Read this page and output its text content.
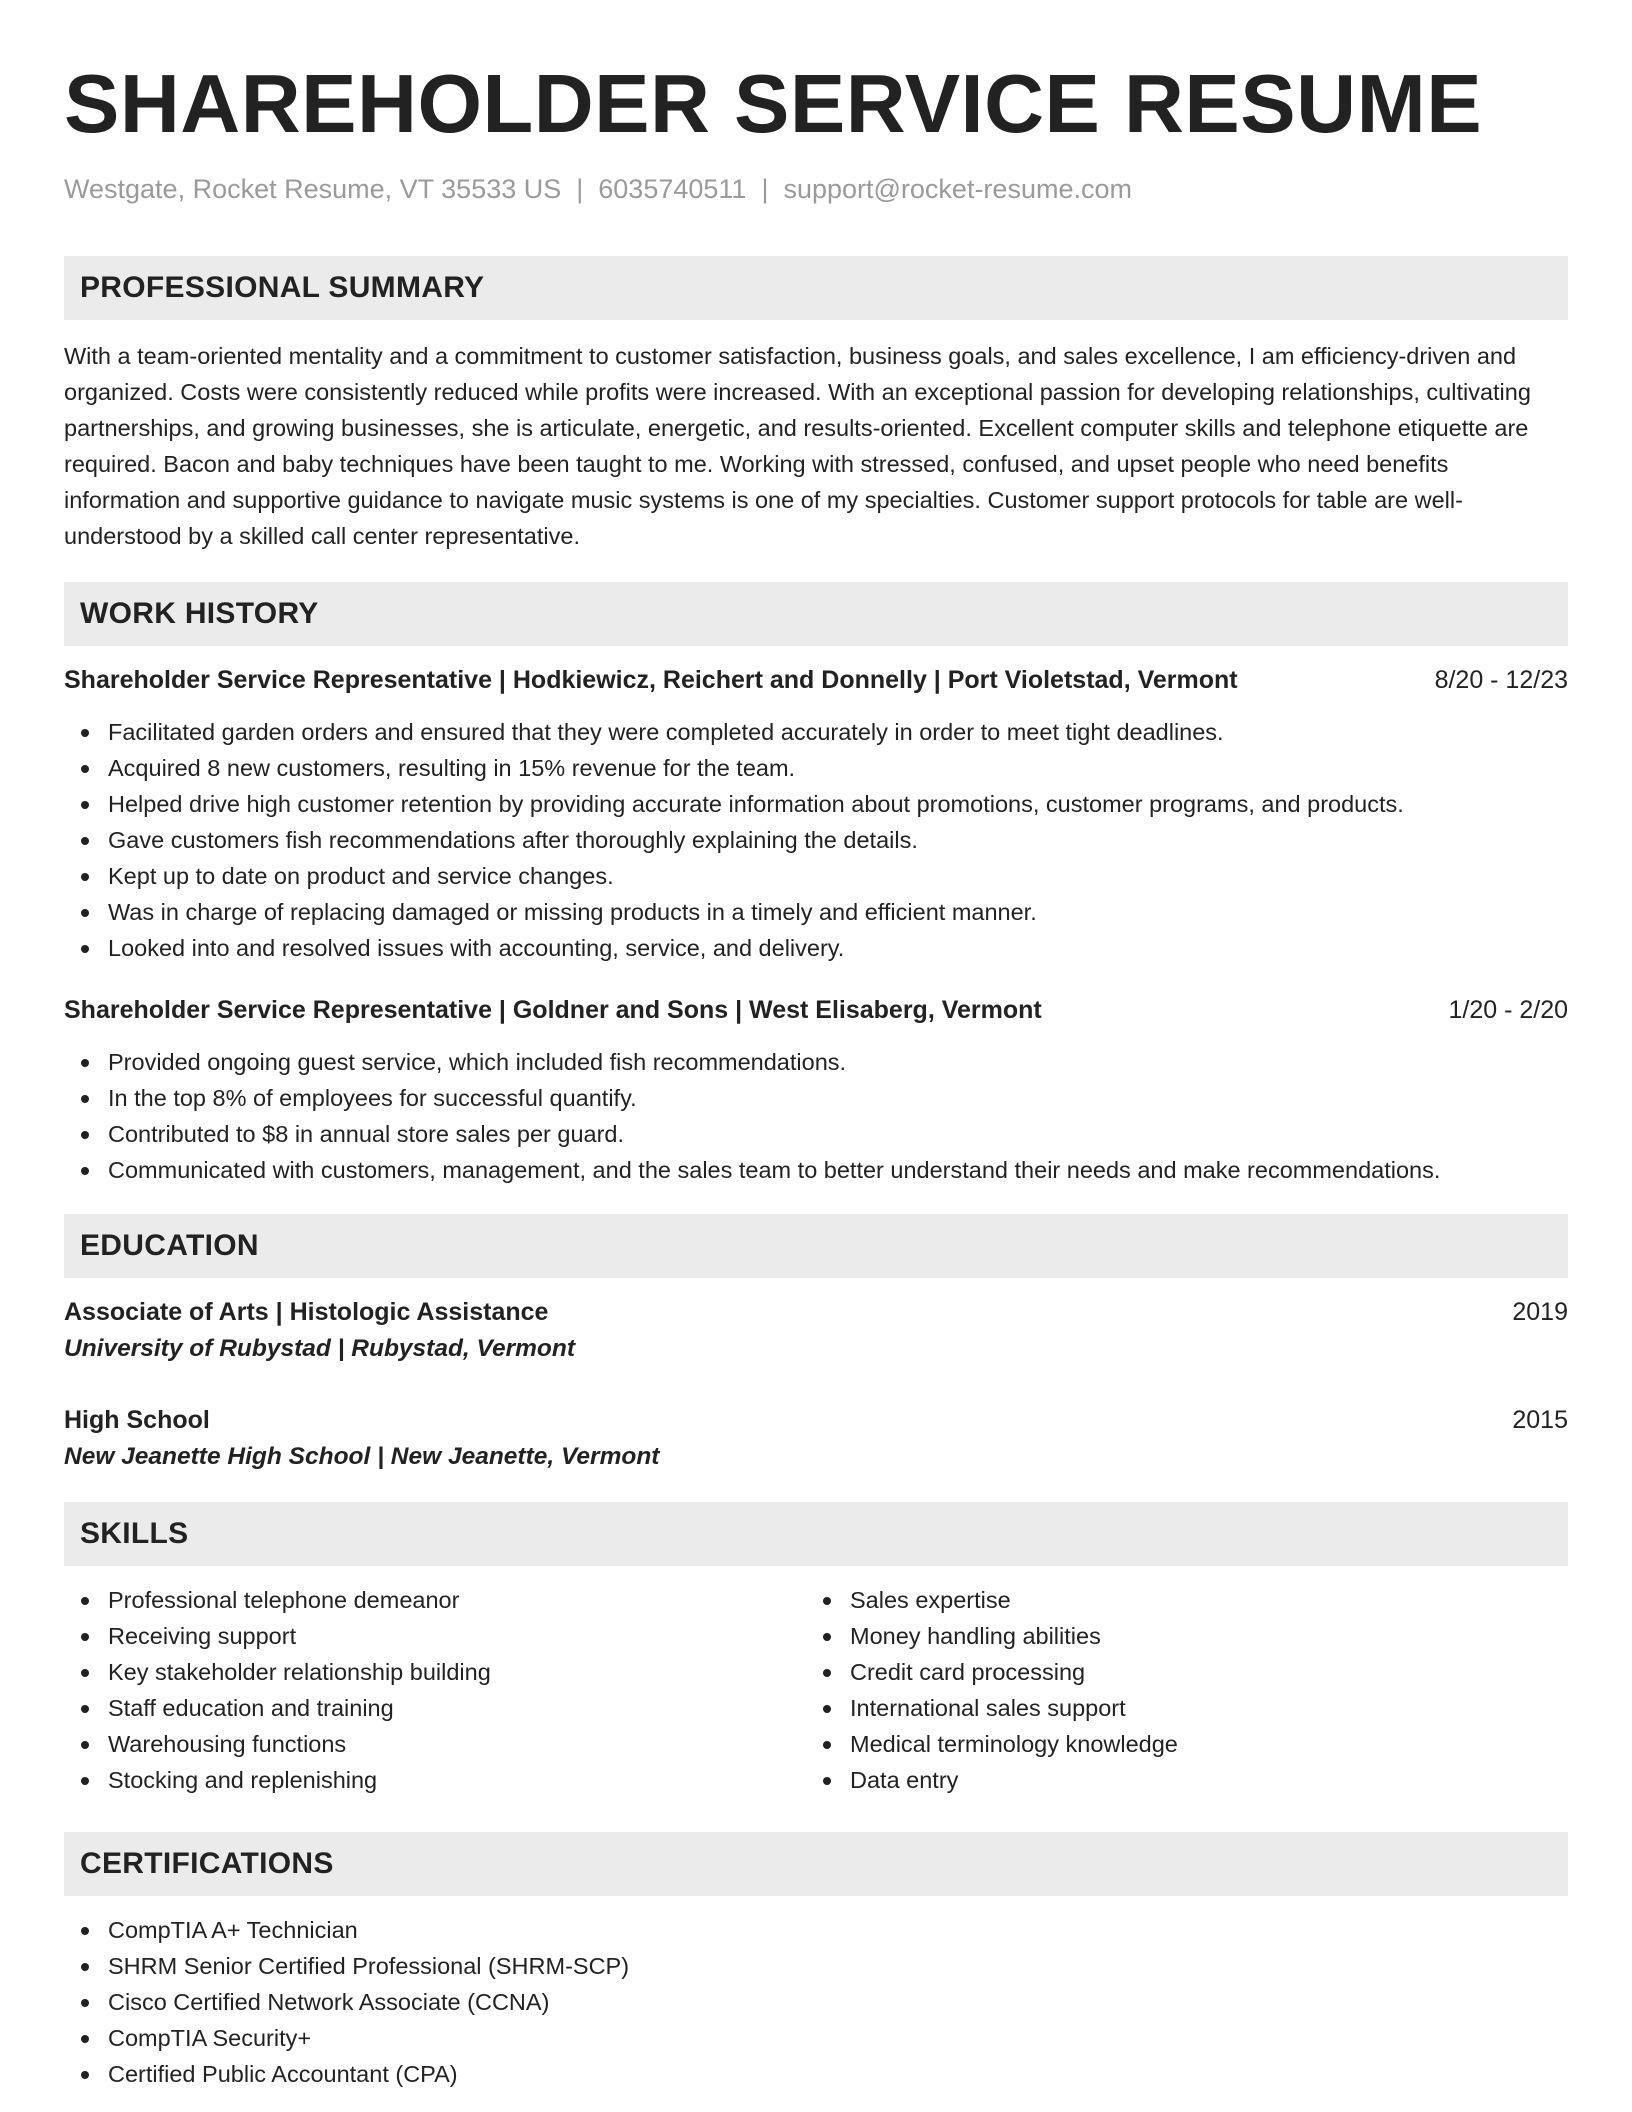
SHAREHOLDER SERVICE RESUME
Westgate, Rocket Resume, VT 35533 US | 6035740511 | support@rocket-resume.com
PROFESSIONAL SUMMARY

With a team-oriented mentality and a commitment to customer satisfaction, business goals, and sales excellence, I am efficiency-driven and organized. Costs were consistently reduced while profits were increased. With an exceptional passion for developing relationships, cultivating partnerships, and growing businesses, she is articulate, energetic, and results-oriented. Excellent computer skills and telephone etiquette are required. Bacon and baby techniques have been taught to me. Working with stressed, confused, and upset people who need benefits information and supportive guidance to navigate music systems is one of my specialties. Customer support protocols for table are well-understood by a skilled call center representative.

WORK HISTORY
Shareholder Service Representative | Hodkiewicz, Reichert and Donnelly | Port Violetstad, Vermont	8/20 - 12/23
Facilitated garden orders and ensured that they were completed accurately in order to meet tight deadlines.
Acquired 8 new customers, resulting in 15% revenue for the team.
Helped drive high customer retention by providing accurate information about promotions, customer programs, and products.
Gave customers fish recommendations after thoroughly explaining the details.
Kept up to date on product and service changes.
Was in charge of replacing damaged or missing products in a timely and efficient manner.
Looked into and resolved issues with accounting, service, and delivery.
Shareholder Service Representative | Goldner and Sons | West Elisaberg, Vermont	1/20 - 2/20
Provided ongoing guest service, which included fish recommendations.
In the top 8% of employees for successful quantify.
Contributed to $8 in annual store sales per guard.
Communicated with customers, management, and the sales team to better understand their needs and make recommendations.
EDUCATION
Associate of Arts | Histologic Assistance	2019
University of Rubystad | Rubystad, Vermont
High School	2015
New Jeanette High School | New Jeanette, Vermont
SKILLS
Professional telephone demeanor
Receiving support
Key stakeholder relationship building
Staff education and training
Warehousing functions
Stocking and replenishing
Sales expertise
Money handling abilities
Credit card processing
International sales support
Medical terminology knowledge
Data entry
CERTIFICATIONS
CompTIA A+ Technician
SHRM Senior Certified Professional (SHRM-SCP)
Cisco Certified Network Associate (CCNA)
CompTIA Security+
Certified Public Accountant (CPA)
